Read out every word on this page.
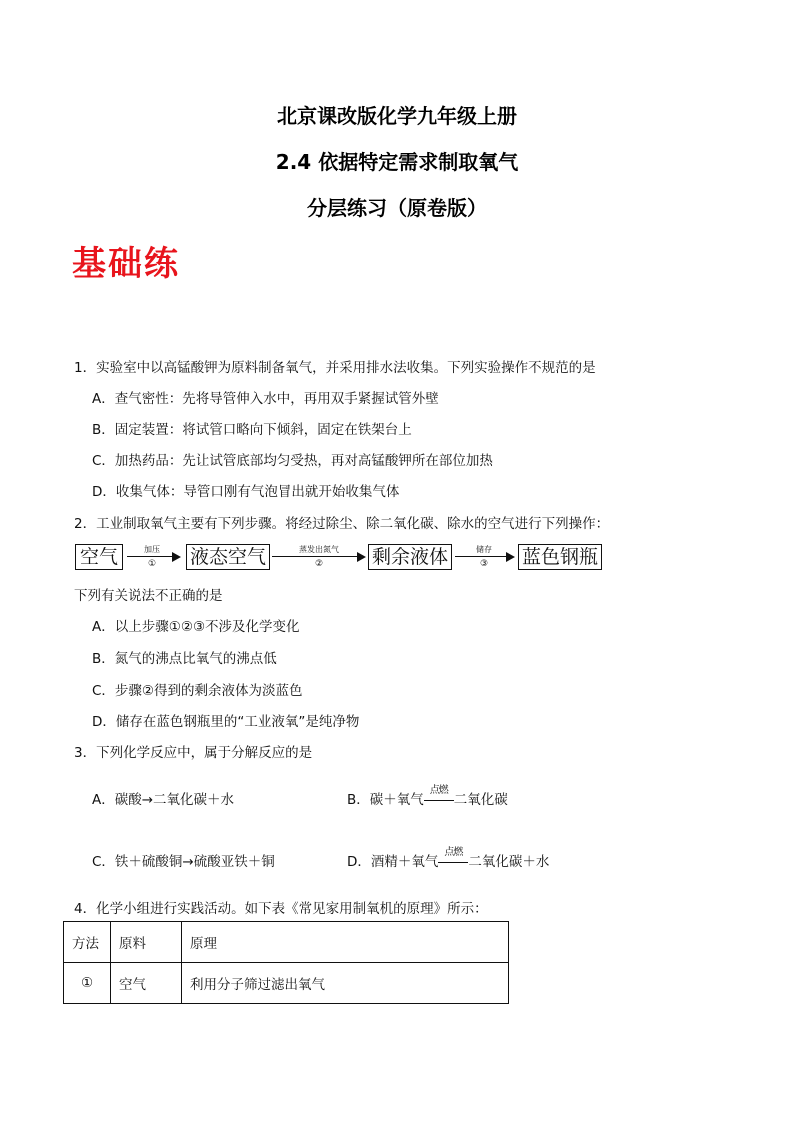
北京课改版化学九年级上册
2.4 依据特定需求制取氧气
分层练习（原卷版）
基础练
1．实验室中以高锰酸钾为原料制备氧气，并采用排水法收集。下列实验操作不规范的是
A．查气密性：先将导管伸入水中，再用双手紧握试管外壁
B．固定装置：将试管口略向下倾斜，固定在铁架台上
C．加热药品：先让试管底部均匀受热，再对高锰酸钾所在部位加热
D．收集气体：导管口刚有气泡冒出就开始收集气体
2．工业制取氧气主要有下列步骤。将经过除尘、除二氧化碳、除水的空气进行下列操作：
空气	加压
①	液态空气	蒸发出氮气
②	剩余液体	储存
③	蓝色钢瓶
下列有关说法不正确的是
A．以上步骤①②③不涉及化学变化
B．氮气的沸点比氧气的沸点低
C．步骤②得到的剩余液体为淡蓝色
D．储存在蓝色钢瓶里的“工业液氧”是纯净物
3．下列化学反应中，属于分解反应的是
A．碳酸→二氧化碳＋水	B．碳＋氧气
点燃
二氧化碳
C．铁＋硫酸铜→硫酸亚铁＋铜	D．酒精＋氧气
点燃
二氧化碳＋水
4．化学小组进行实践活动。如下表《常见家用制氧机的原理》所示：
方法	原料	原理
①	空气	利用分子筛过滤出氧气
